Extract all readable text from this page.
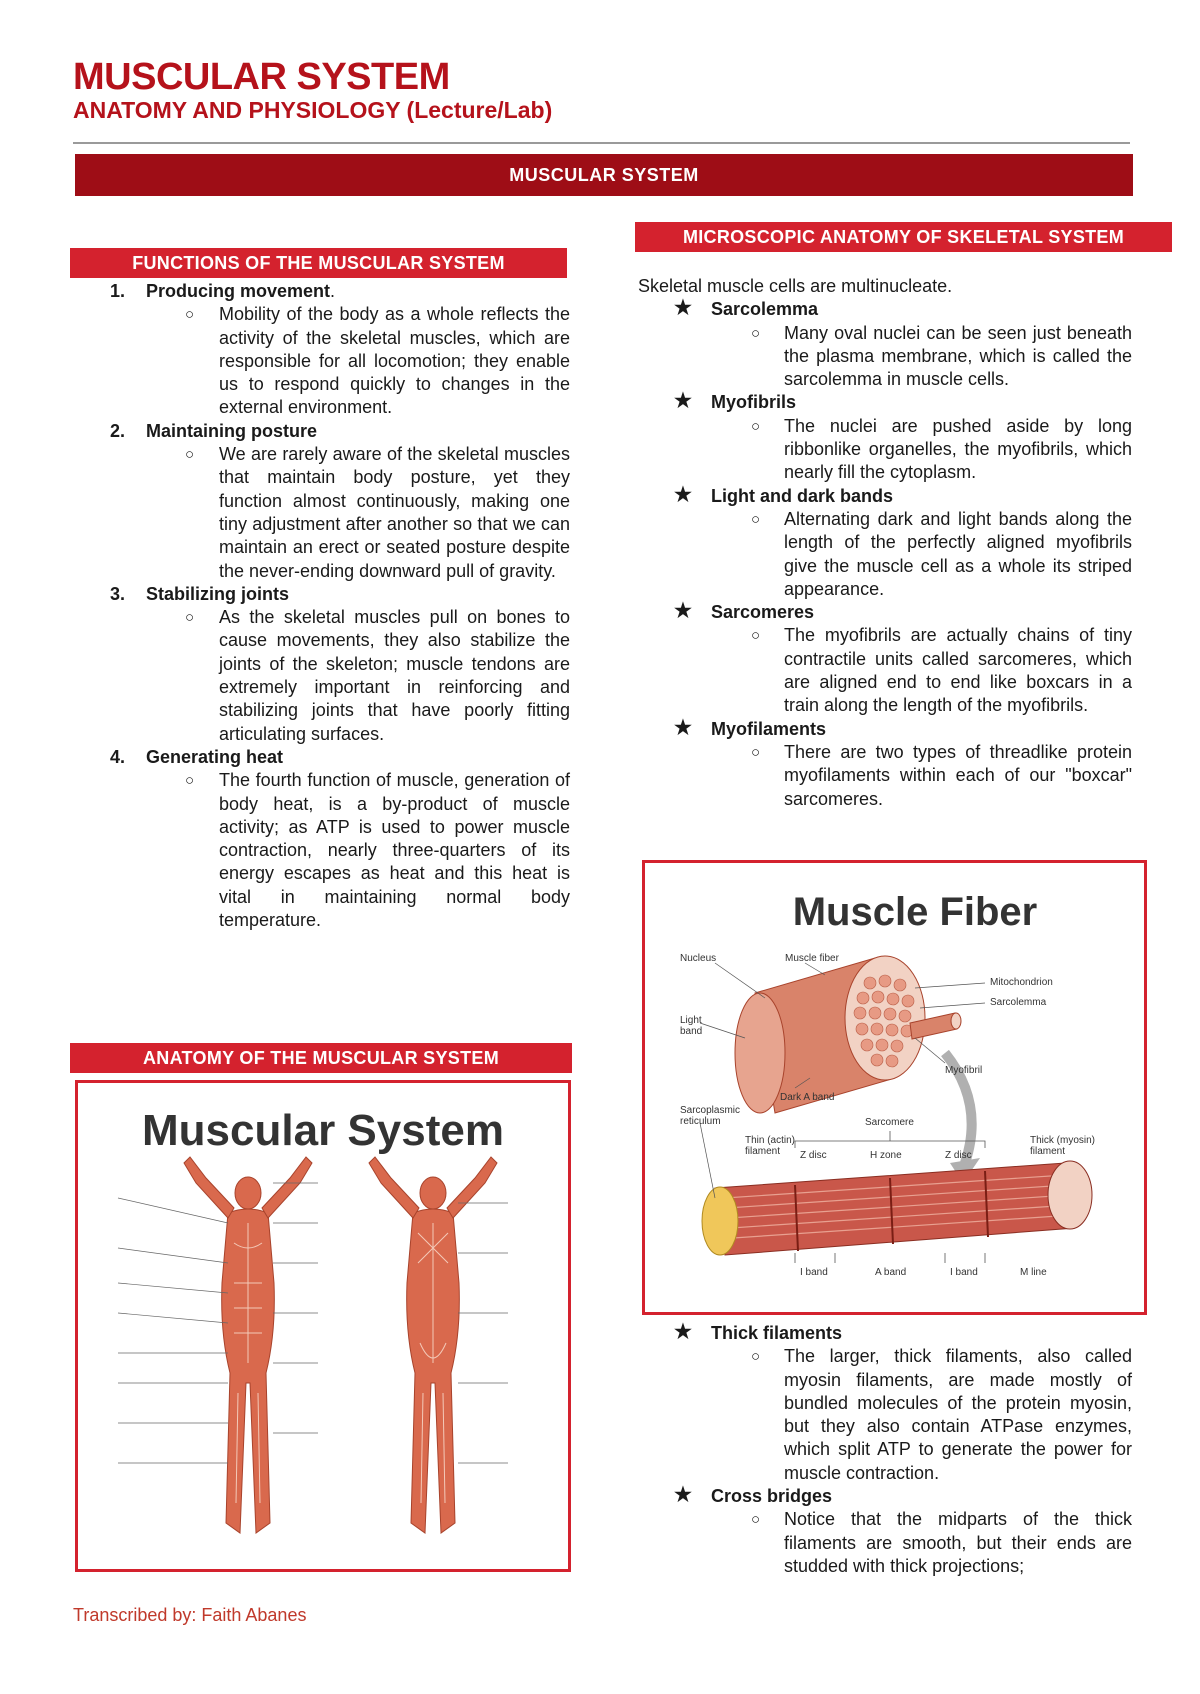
MUSCULAR SYSTEM
ANATOMY AND PHYSIOLOGY (Lecture/Lab)
MUSCULAR SYSTEM
FUNCTIONS OF THE MUSCULAR SYSTEM
1. Producing movement.
○ Mobility of the body as a whole reflects the activity of the skeletal muscles, which are responsible for all locomotion; they enable us to respond quickly to changes in the external environment.
2. Maintaining posture
○ We are rarely aware of the skeletal muscles that maintain body posture, yet they function almost continuously, making one tiny adjustment after another so that we can maintain an erect or seated posture despite the never-ending downward pull of gravity.
3. Stabilizing joints
○ As the skeletal muscles pull on bones to cause movements, they also stabilize the joints of the skeleton; muscle tendons are extremely important in reinforcing and stabilizing joints that have poorly fitting articulating surfaces.
4. Generating heat
○ The fourth function of muscle, generation of body heat, is a by-product of muscle activity; as ATP is used to power muscle contraction, nearly three-quarters of its energy escapes as heat and this heat is vital in maintaining normal body temperature.
ANATOMY OF THE MUSCULAR SYSTEM
Muscular System
MICROSCOPIC ANATOMY OF SKELETAL SYSTEM
Skeletal muscle cells are multinucleate.
★ Sarcolemma
○ Many oval nuclei can be seen just beneath the plasma membrane, which is called the sarcolemma in muscle cells.
★ Myofibrils
○ The nuclei are pushed aside by long ribbonlike organelles, the myofibrils, which nearly fill the cytoplasm.
★ Light and dark bands
○ Alternating dark and light bands along the length of the perfectly aligned myofibrils give the muscle cell as a whole its striped appearance.
★ Sarcomeres
○ The myofibrils are actually chains of tiny contractile units called sarcomeres, which are aligned end to end like boxcars in a train along the length of the myofibrils.
★ Myofilaments
○ There are two types of threadlike protein myofilaments within each of our "boxcar" sarcomeres.
Muscle Fiber
Nucleus	Muscle fiber
Mitochondrion
Sarcolemma
Light band
Myofibril
Dark A band
Sarcoplasmic reticulum	Sarcomere
Thin (actin) filament	Z disc	H zone	Z disc
Thick (myosin) filament
I band	A band	I band	M line
★ Thick filaments
○ The larger, thick filaments, also called myosin filaments, are made mostly of bundled molecules of the protein myosin, but they also contain ATPase enzymes, which split ATP to generate the power for muscle contraction.
★ Cross bridges
○ Notice that the midparts of the thick filaments are smooth, but their ends are studded with thick projections;
Transcribed by: Faith Abanes
